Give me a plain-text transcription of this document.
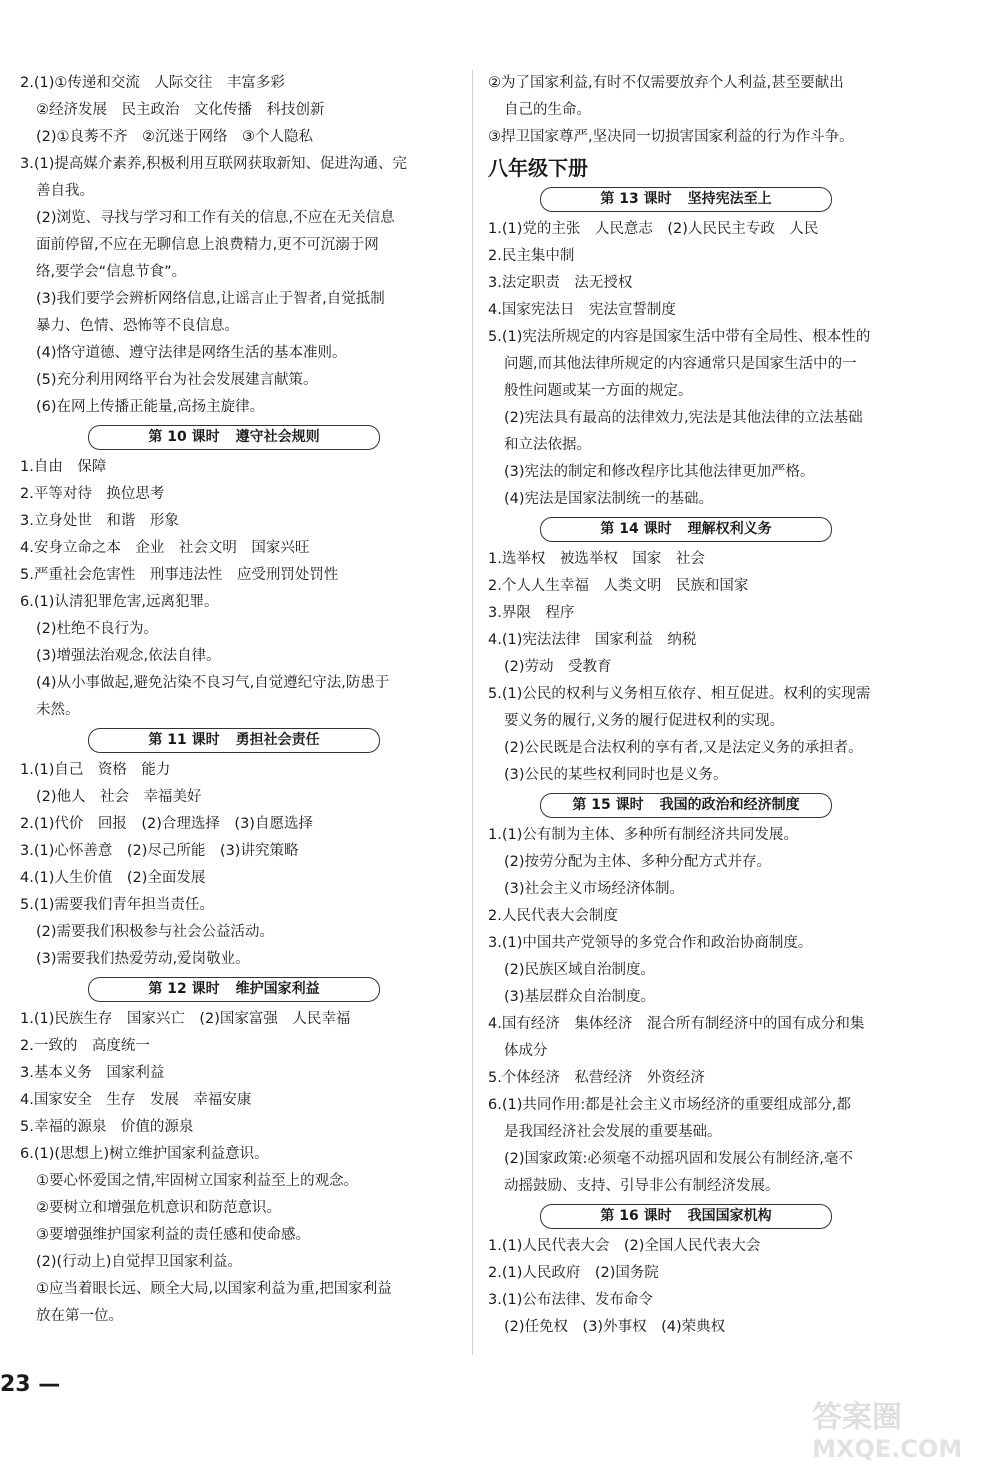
2.(1)①传递和交流　人际交往　丰富多彩
②经济发展　民主政治　文化传播　科技创新
(2)①良莠不齐　②沉迷于网络　③个人隐私
3.(1)提高媒介素养,积极利用互联网获取新知、促进沟通、完
善自我。
(2)浏览、寻找与学习和工作有关的信息,不应在无关信息
面前停留,不应在无聊信息上浪费精力,更不可沉溺于网
络,要学会“信息节食”。
(3)我们要学会辨析网络信息,让谣言止于智者,自觉抵制
暴力、色情、恐怖等不良信息。
(4)恪守道德、遵守法律是网络生活的基本准则。
(5)充分利用网络平台为社会发展建言献策。
(6)在网上传播正能量,高扬主旋律。
第 10 课时 遵守社会规则
1.自由　保障
2.平等对待　换位思考
3.立身处世　和谐　形象
4.安身立命之本　企业　社会文明　国家兴旺
5.严重社会危害性　刑事违法性　应受刑罚处罚性
6.(1)认清犯罪危害,远离犯罪。
(2)杜绝不良行为。
(3)增强法治观念,依法自律。
(4)从小事做起,避免沾染不良习气,自觉遵纪守法,防患于
未然。
第 11 课时 勇担社会责任
1.(1)自己　资格　能力
(2)他人　社会　幸福美好
2.(1)代价　回报　(2)合理选择　(3)自愿选择
3.(1)心怀善意　(2)尽己所能　(3)讲究策略
4.(1)人生价值　(2)全面发展
5.(1)需要我们青年担当责任。
(2)需要我们积极参与社会公益活动。
(3)需要我们热爱劳动,爱岗敬业。
第 12 课时 维护国家利益
1.(1)民族生存　国家兴亡　(2)国家富强　人民幸福
2.一致的　高度统一
3.基本义务　国家利益
4.国家安全　生存　发展　幸福安康
5.幸福的源泉　价值的源泉
6.(1)(思想上)树立维护国家利益意识。
①要心怀爱国之情,牢固树立国家利益至上的观念。
②要树立和增强危机意识和防范意识。
③要增强维护国家利益的责任感和使命感。
(2)(行动上)自觉捍卫国家利益。
①应当着眼长远、顾全大局,以国家利益为重,把国家利益
放在第一位。
②为了国家利益,有时不仅需要放弃个人利益,甚至要献出
自己的生命。
③捍卫国家尊严,坚决同一切损害国家利益的行为作斗争。
八年级下册
第 13 课时 坚持宪法至上
1.(1)党的主张　人民意志　(2)人民民主专政　人民
2.民主集中制
3.法定职责　法无授权
4.国家宪法日　宪法宣誓制度
5.(1)宪法所规定的内容是国家生活中带有全局性、根本性的
问题,而其他法律所规定的内容通常只是国家生活中的一
般性问题或某一方面的规定。
(2)宪法具有最高的法律效力,宪法是其他法律的立法基础
和立法依据。
(3)宪法的制定和修改程序比其他法律更加严格。
(4)宪法是国家法制统一的基础。
第 14 课时 理解权利义务
1.选举权　被选举权　国家　社会
2.个人人生幸福　人类文明　民族和国家
3.界限　程序
4.(1)宪法法律　国家利益　纳税
(2)劳动　受教育
5.(1)公民的权利与义务相互依存、相互促进。权利的实现需
要义务的履行,义务的履行促进权利的实现。
(2)公民既是合法权利的享有者,又是法定义务的承担者。
(3)公民的某些权利同时也是义务。
第 15 课时 我国的政治和经济制度
1.(1)公有制为主体、多种所有制经济共同发展。
(2)按劳分配为主体、多种分配方式并存。
(3)社会主义市场经济体制。
2.人民代表大会制度
3.(1)中国共产党领导的多党合作和政治协商制度。
(2)民族区域自治制度。
(3)基层群众自治制度。
4.国有经济　集体经济　混合所有制经济中的国有成分和集
体成分
5.个体经济　私营经济　外资经济
6.(1)共同作用:都是社会主义市场经济的重要组成部分,都
是我国经济社会发展的重要基础。
(2)国家政策:必须毫不动摇巩固和发展公有制经济,毫不
动摇鼓励、支持、引导非公有制经济发展。
第 16 课时 我国国家机构
1.(1)人民代表大会　(2)全国人民代表大会
2.(1)人民政府　(2)国务院
3.(1)公布法律、发布命令
(2)任免权　(3)外事权　(4)荣典权
23 —
答案圈
MXQE.COM
